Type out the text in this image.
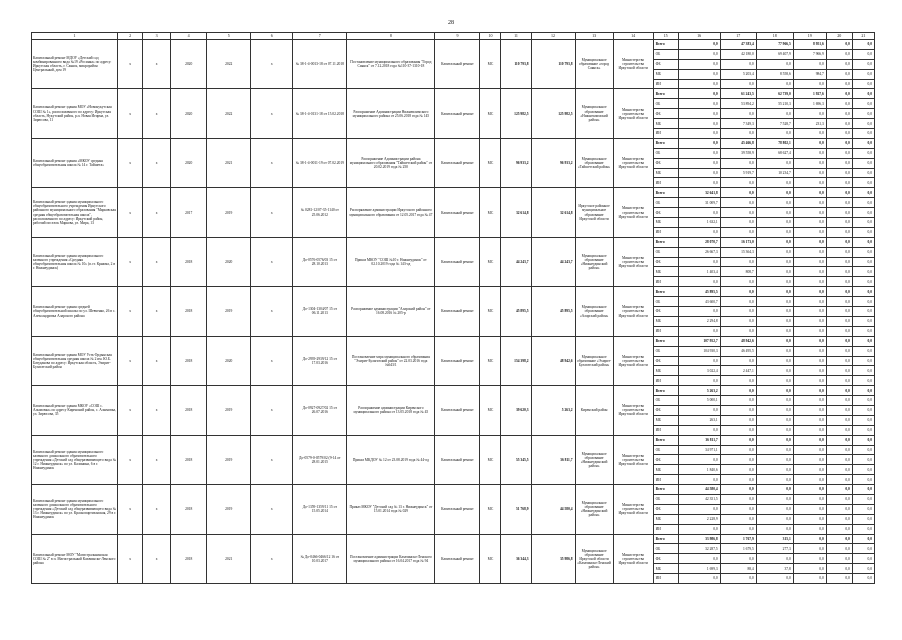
28
1	2	3	4	5	6	7	8	9	10	11	12	13	14	15	16	17	18	19	20	21
Капитальный ремонт МДОУ «Детский сад комбинированного вида №19 «Росинка» по адресу: Иркутская область, г. Саянск, микрорайон Центральный, дом 19	x	x	2020	2022	x	№ 38-1-4-0013-18 от 07.11.2018	Постановление муниципального образования "Город Саянск" от 7.12.2018 года №110-37-1310-18	Капитальный ремонт	МС	110 793,8	110 793,8	Муниципальное образование «город Саянск»	Министерство строительства Иркутской области	Всего	0,0	47 383,4	77 966,5	8 951,6	0,0	0,0
														ОБ	0,0	42 180,0	69 407,9	7 966,9	0,0	0,0
														ФБ	0,0	0,0	0,0	0,0	0,0	0,0
														МБ	0,0	5 203,4	8 558,6	984,7	0,0	0,0
														ИИ	0,0	0,0	0,0	0,0	0,0	0,0
Капитальный ремонт здания МОУ «Новонукутская СОШ № 1», расположенного по адресу: Иркутская область, Нукутский район, р.п. Новая Игирма, ул. Зирюсова, 11	x	x	2020	2022	x	№ 38-1-4-0131-18 от 15.02.2018	Распоряжение Администрации Нижнеилимского муниципального района от 25.06.2018 года № 145	Капитальный ремонт	МС	125 982,5	125 982,5	Муниципальное образование «Нижнеилимский район»	Министерство строительства Иркутской области	Всего	0,0	61 243,5	62 739,0	1 927,6	0,0	0,0
														ОБ	0,0	53 894,2	55 210,3	1 696,3	0,0	0,0
														ФБ	0,0	0,0	0,0	0,0	0,0	0,0
														МБ	0,0	7 349,3	7 528,7	231,3	0,0	0,0
														ИИ	0,0	0,0	0,0	0,0	0,0	0,0
Капитальный ремонт здания «МКОУ средняя общеобразовательная школа № 14 г. Тайшета»	x	x	2020	2021	x	№ 38-1-4-0011-19 от 07.02.2019	Распоряжение Администрации района муниципального образования "Тайшетский район" от 20.02.2019 года № 250	Капитальный ремонт	МС	96 933,2	96 933,2	Муниципальное образование «Тайшетский район»	Министерство строительства Иркутской области	Всего	0,0	45 466,8	78 802,1	0,0	0,0	0,0
														ОБ	0,0	39 558,9	68 627,4	0,0	0,0	0,0
														ФБ	0,0	0,0	0,0	0,0	0,0	0,0
														МБ	0,0	5 919,7	10 234,7	0,0	0,0	0,0
														ИИ	0,0	0,0	0,0	0,0	0,0	0,0
Капитальный ремонт здания муниципального общеобразовательного учреждения Иркутского районного муниципального образования "Марковская средняя общеобразовательная школа", расположенного по адресу: Иркутский район, рабочий поселок Маркова, ул. Мира, 13	x	x	2017	2019	x	№ 0281-12/07-35-1140 от 25.06.2012	Распоряжение администрации Иркутского районного муниципального образования от 12.05.2017 года № 47	Капитальный ремонт	МС	32 614,8	32 614,8	Иркутское районное муниципальное образование Иркутской области	Министерство строительства Иркутской области	Всего	32 641,8	0,0	0,0	0,0	0,0	0,0
														ОБ	31 009,7	0,0	0,0	0,0	0,0	0,0
														ФБ	0,0	0,0	0,0	0,0	0,0	0,0
														МБ	1 632,1	0,0	0,0	0,0	0,0	0,0
														ИИ	0,0	0,0	0,0	0,0	0,0	0,0
Капитальный ремонт здания муниципального казенного учреждения «Средняя общеобразовательная школа № 10» (п.ст. Кряжма, 2 в г. Нижнеудинск)	x	x	2018	2020	x	До-0576-0576/03 15 от 28.10.2013	Приказ МКОУ "СОШ №10 г. Нижнеудинск" от 02.10.2019 года № 143-од	Капитальный ремонт	МС	44 243,7	44 243,7	Муниципальное образование «Нижнеудинский район»	Министерство строительства Иркутской области	Всего	28 070,7	16 173,0	0,0	0,0	0,0	0,0
														ОБ	26 667,3	15 364,3	0,0	0,0	0,0	0,0
														ФБ	0,0	0,0	0,0	0,0	0,0	0,0
														МБ	1 403,4	808,7	0,0	0,0	0,0	0,0
														ИИ	0,0	0,0	0,0	0,0	0,0	0,0
Капитальный ремонт здания средней общеобразовательной школы по ул. Шевченко, 26 в с. Александровка Аларского района	x	x	2018	2019	x	До-1304-1304/07 15 от 06.11.2013	Распоряжение администрации "Аларский район" от 16.08.2016 № 205-р	Капитальный ремонт	МС	45 895,5	45 895,5	Муниципальное образование «Аларский район»	Министерство строительства Иркутской области	Всего	45 895,5	0,0	0,0	0,0	0,0	0,0
														ОБ	43 600,7	0,0	0,0	0,0	0,0	0,0
														ФБ	0,0	0,0	0,0	0,0	0,0	0,0
														МБ	2 294,8	0,0	0,0	0,0	0,0	0,0
														ИИ	0,0	0,0	0,0	0,0	0,0	0,0
Капитальный ремонт здания МОУ Усть-Ордынская общеобразовательная средняя школа № 2 им. Ю.Б. Батуданова по адресу: Иркутская область, Эхирит-Булагатский район	x	x	2018	2020	x	До-2939-2939/12 15 от 17.03.2016	Постановление мэра муниципального образования "Эхирит-Булагатский район" от 22.03.2016 года №643/1	Капитальный ремонт	МС	154 398,2	48 942,6	Муниципальное образование «Эхирит-Булагатский район»	Министерство строительства Иркутской области	Всего	107 952,7	48 942,6	0,0	0,0	0,0	0,0
														ОБ	104 930,3	46 495,5	0,0	0,0	0,0	0,0
														ФБ	0,0	0,0	0,0	0,0	0,0	0,0
														МБ	3 022,4	2 447,1	0,0	0,0	0,0	0,0
														ИИ	0,0	0,0	0,0	0,0	0,0	0,0
Капитальный ремонт здания МКОУ «СОШ с. Алымовка» по адресу Киренский район, с. Алымовка, ул. Зирюсова, 35	x	x	2018	2019	x	До-0927-0927/02 15 от 26.07.2016	Распоряжение администрации Киренского муниципального района от 13.05.2018 года № 45	Капитальный ремонт	МС	39 620,3	5 263,2	Киренский район	Министерство строительства Иркутской области	Всего	5 263,2	0,0	0,0	0,0	0,0	0,0
														ОБ	5 000,1	0,0	0,0	0,0	0,0	0,0
														ФБ	0,0	0,0	0,0	0,0	0,0	0,0
														МБ	263,1	0,0	0,0	0,0	0,0	0,0
														ИИ	0,0	0,0	0,0	0,0	0,0	0,0
Капитальный ремонт здания муниципального казенного дошкольного образовательного учреждения «Детский сад общеразвивающего вида № 12 г. Нижнеудинск» по ул. Калинина, 6 в г. Нижнеудинск	x	x	2018	2019	x	До-0579-0-0579/02 (9-14 от 28.01.2015	Приказ МКДОУ № 12 от 23.08.2019 года № 44-од	Капитальный ремонт	МС	55 345,5	36 811,7	Муниципальное образование «Нижнеудинский район»	Министерство строительства Иркутской области	Всего	36 811,7	0,0	0,0	0,0	0,0	0,0
														ОБ	34 971,1	0,0	0,0	0,0	0,0	0,0
														ФБ	0,0	0,0	0,0	0,0	0,0	0,0
														МБ	1 840,6	0,0	0,0	0,0	0,0	0,0
														ИИ	0,0	0,0	0,0	0,0	0,0	0,0
Капитальный ремонт здания муниципального казенного дошкольного образовательного учреждения «Детский сад общеразвивающего вида № 13 г. Нижнеудинск» по ул. Краснопартизанская, 29 в г. Нижнеудинск	x	x	2018	2019	x	До-1359-1359/11 15 от 15.05.2014	Приказ МКОУ "Детский сад № 13 г. Нижнеудинск" от 15.01.2014 года № 029	Капитальный ремонт	МС	51 768,9	44 580,4	Муниципальное образование «Нижнеудинский район»	Министерство строительства Иркутской области	Всего	44 580,4	0,0	0,0	0,0	0,0	0,0
														ОБ	42 351,5	0,0	0,0	0,0	0,0	0,0
														ФБ	0,0	0,0	0,0	0,0	0,0	0,0
														МБ	2 228,9	0,0	0,0	0,0	0,0	0,0
														ИИ	0,0	0,0	0,0	0,0	0,0	0,0
Капитальный ремонт МОУ "Магистральнинская СОШ № 2" в п. Магистральный Казачинско-Ленского района	x	x	2018	2021	x	№ До-0466-0466/12 16 от 10.03.2017	Постановление администрации Казачинско-Ленского муниципального района от 16.04.2017 года № 94	Капитальный ремонт	МС	36 344,3	35 986,8	Муниципальное образование Иркутской области «Казачинско-Ленский район»	Министерство строительства Иркутской области	Всего	33 986,8	1 767,9	315,1	0,0	0,0	0,0
														ОБ	32 287,5	1 679,5	277,3	0,0	0,0	0,0
														ФБ	0,0	0,0	0,0	0,0	0,0	0,0
														МБ	1 699,3	88,4	37,8	0,0	0,0	0,0
														ИИ	0,0	0,0	0,0	0,0	0,0	0,0
